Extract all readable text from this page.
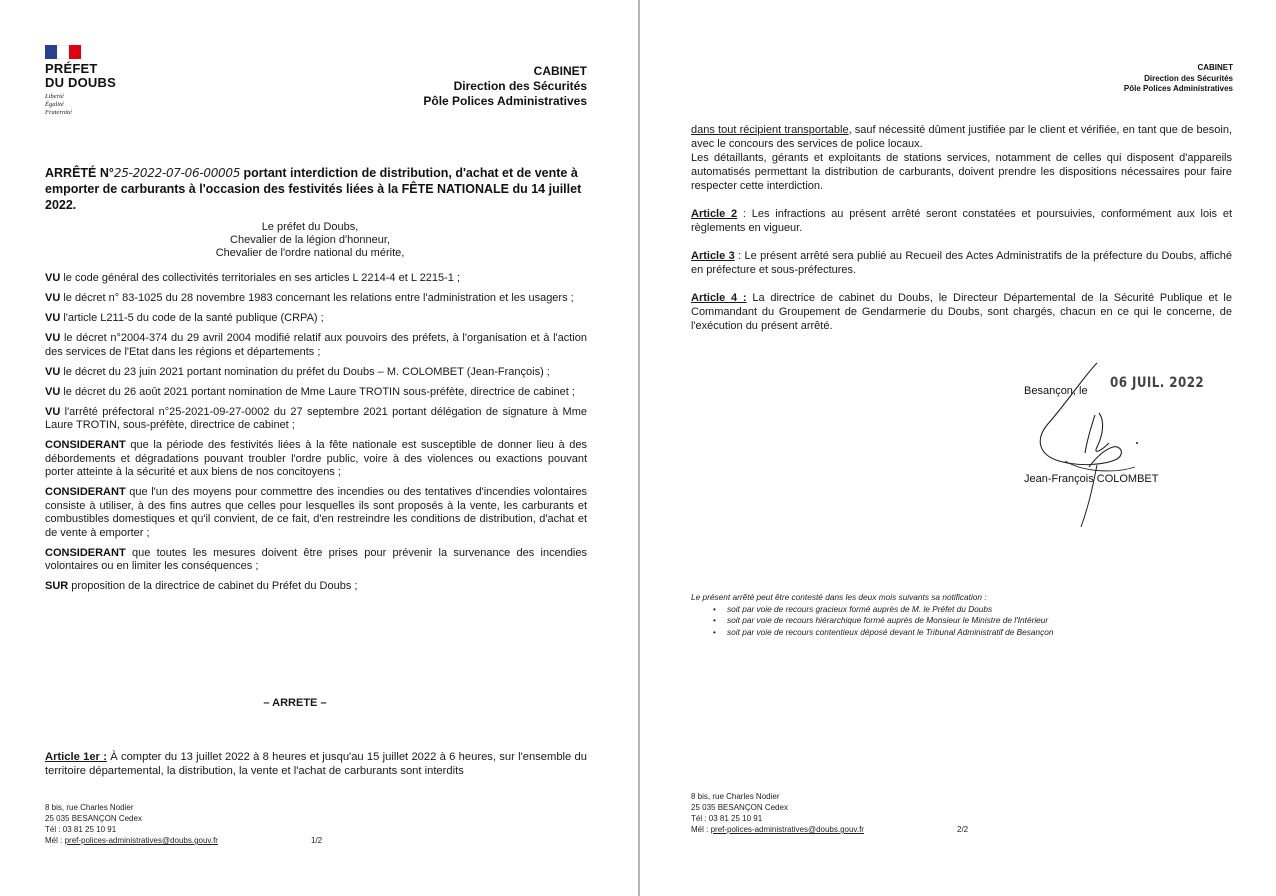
PRÉFET
DU DOUBS
Liberté
Égalité
Fraternité
CABINET
Direction des Sécurités
Pôle Polices Administratives
ARRÊTÉ N°25-2022-07-06-00005 portant interdiction de distribution, d'achat et de vente à emporter de carburants à l'occasion des festivités liées à la FÊTE NATIONALE du 14 juillet 2022.
Le préfet du Doubs,
Chevalier de la légion d'honneur,
Chevalier de l'ordre national du mérite,

VU le code général des collectivités territoriales en ses articles L 2214-4 et L 2215-1 ;

VU le décret n° 83-1025 du 28 novembre 1983 concernant les relations entre l'administration et les usagers ;

VU l'article L211-5 du code de la santé publique (CRPA) ;

VU le décret n°2004-374 du 29 avril 2004 modifié relatif aux pouvoirs des préfets, à l'organisation et à l'action des services de l'Etat dans les régions et départements ;

VU le décret du 23 juin 2021 portant nomination du préfet du Doubs – M. COLOMBET (Jean-François) ;

VU le décret du 26 août 2021 portant nomination de Mme Laure TROTIN sous-préfète, directrice de cabinet ;

VU l'arrêté préfectoral n°25-2021-09-27-0002 du 27 septembre 2021 portant délégation de signature à Mme Laure TROTIN, sous-préfète, directrice de cabinet ;

CONSIDERANT que la période des festivités liées à la fête nationale est susceptible de donner lieu à des débordements et dégradations pouvant troubler l'ordre public, voire à des violences ou exactions pouvant porter atteinte à la sécurité et aux biens de nos concitoyens ;

CONSIDERANT que l'un des moyens pour commettre des incendies ou des tentatives d'incendies volontaires consiste à utiliser, à des fins autres que celles pour lesquelles ils sont proposés à la vente, les carburants et combustibles domestiques et qu'il convient, de ce fait, d'en restreindre les conditions de distribution, d'achat et de vente à emporter ;

CONSIDERANT que toutes les mesures doivent être prises pour prévenir la survenance des incendies volontaires ou en limiter les conséquences ;

SUR proposition de la directrice de cabinet du Préfet du Doubs ;

– ARRETE –
Article 1er : À compter du 13 juillet 2022 à 8 heures et jusqu'au 15 juillet 2022 à 6 heures, sur l'ensemble du territoire départemental, la distribution, la vente et l'achat de carburants sont interdits
8 bis, rue Charles Nodier
25 035 BESANÇON Cedex
Tél : 03 81 25 10 91
Mél : pref-polices-administratives@doubs.gouv.fr	1/2
CABINET
Direction des Sécurités
Pôle Polices Administratives

dans tout récipient transportable, sauf nécessité dûment justifiée par le client et vérifiée, en tant que de besoin, avec le concours des services de police locaux.

Les détaillants, gérants et exploitants de stations services, notamment de celles qui disposent d'appareils automatisés permettant la distribution de carburants, doivent prendre les dispositions nécessaires pour faire respecter cette interdiction.

Article 2 : Les infractions au présent arrêté seront constatées et poursuivies, conformément aux lois et règlements en vigueur.

Article 3 : Le présent arrêté sera publié au Recueil des Actes Administratifs de la préfecture du Doubs, affiché en préfecture et sous-préfectures.

Article 4 : La directrice de cabinet du Doubs, le Directeur Départemental de la Sécurité Publique et le Commandant du Groupement de Gendarmerie du Doubs, sont chargés, chacun en ce qui le concerne, de l'exécution du présent arrêté.

Besançon, le 06 JUIL. 2022
Jean-François COLOMBET
Le présent arrêté peut être contesté dans les deux mois suivants sa notification :
• soit par voie de recours gracieux formé auprès de M. le Préfet du Doubs
• soit par voie de recours hiérarchique formé auprès de Monsieur le Ministre de l'Intérieur
• soit par voie de recours contentieux déposé devant le Tribunal Administratif de Besançon
8 bis, rue Charles Nodier
25 035 BESANÇON Cedex
Tél : 03 81 25 10 91
Mél : pref-polices-administratives@doubs.gouv.fr	2/2
